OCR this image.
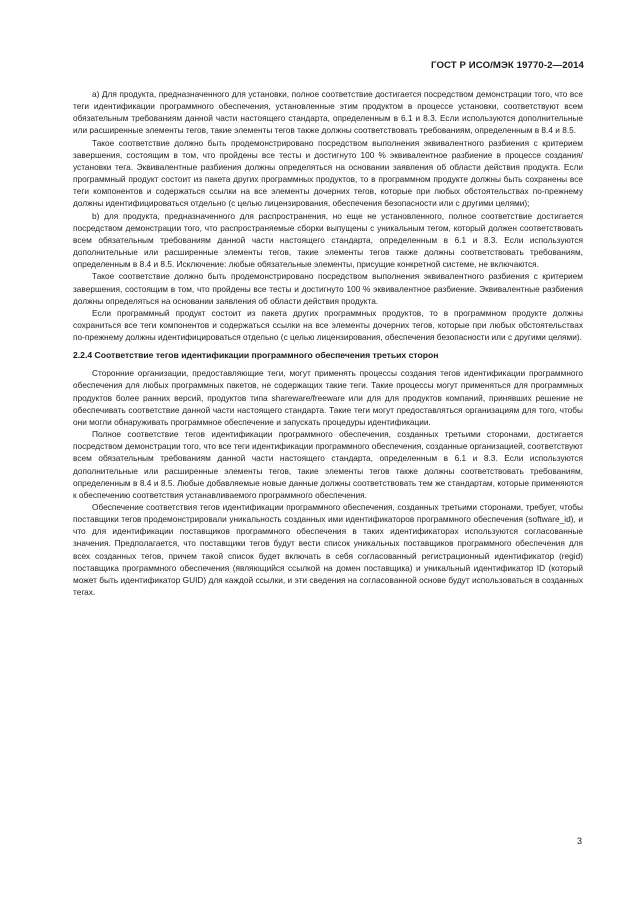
ГОСТ Р ИСО/МЭК 19770-2—2014

а) Для продукта, предназначенного для установки, полное соответствие достигается посредством демонстрации того, что все теги идентификации программного обеспечения, установленные этим продуктом в процессе установки, соответствуют всем обязательным требованиям данной части настоящего стандарта, определенным в 6.1 и 8.3. Если используются дополнительные или расширенные элементы тегов, такие элементы тегов также должны соответствовать требованиям, определенным в 8.4 и 8.5.

Такое соответствие должно быть продемонстрировано посредством выполнения эквивалентного разбиения с критерием завершения, состоящим в том, что пройдены все тесты и достигнуто 100 % эквивалентное разбиение в процессе создания/установки тега. Эквивалентные разбиения должны определяться на основании заявления об области действия продукта. Если программный продукт состоит из пакета других программных продуктов, то в программном продукте должны быть сохранены все теги компонентов и содержаться ссылки на все элементы дочерних тегов, которые при любых обстоятельствах по-прежнему должны идентифицироваться отдельно (с целью лицензирования, обеспечения безопасности или с другими целями);

b) для продукта, предназначенного для распространения, но еще не установленного, полное соответствие достигается посредством демонстрации того, что распространяемые сборки выпущены с уникальным тегом, который должен соответствовать всем обязательным требованиям данной части настоящего стандарта, определенным в 6.1 и 8.3. Если используются дополнительные или расширенные элементы тегов, такие элементы тегов также должны соответствовать требованиям, определенным в 8.4 и 8.5. Исключение: любые обязательные элементы, присущие конкретной системе, не включаются.

Такое соответствие должно быть продемонстрировано посредством выполнения эквивалентного разбиения с критерием завершения, состоящим в том, что пройдены все тесты и достигнуто 100 % эквивалентное разбиение. Эквивалентные разбиения должны определяться на основании заявления об области действия продукта.

Если программный продукт состоит из пакета других программных продуктов, то в программном продукте должны сохраниться все теги компонентов и содержаться ссылки на все элементы дочерних тегов, которые при любых обстоятельствах по-прежнему должны идентифицироваться отдельно (с целью лицензирования, обеспечения безопасности или с другими целями).

2.2.4 Соответствие тегов идентификации программного обеспечения третьих сторон

Сторонние организации, предоставляющие теги, могут применять процессы создания тегов идентификации программного обеспечения для любых программных пакетов, не содержащих такие теги. Такие процессы могут применяться для программных продуктов более ранних версий, продуктов типа shareware/freeware или для для продуктов компаний, принявших решение не обеспечивать соответствие данной части настоящего стандарта. Такие теги могут предоставляться организациям для того, чтобы они могли обнаруживать программное обеспечение и запускать процедуры идентификации.

Полное соответствие тегов идентификации программного обеспечения, созданных третьими сторонами, достигается посредством демонстрации того, что все теги идентификации программного обеспечения, созданные организацией, соответствуют всем обязательным требованиям данной части настоящего стандарта, определенным в 6.1 и 8.3. Если используются дополнительные или расширенные элементы тегов, такие элементы тегов также должны соответствовать требованиям, определенным в 8.4 и 8.5. Любые добавляемые новые данные должны соответствовать тем же стандартам, которые применяются к обеспечению соответствия устанавливаемого программного обеспечения.

Обеспечение соответствия тегов идентификации программного обеспечения, созданных третьими сторонами, требует, чтобы поставщики тегов продемонстрировали уникальность созданных ими идентификаторов программного обеспечения (software_id), и что для идентификации поставщиков программного обеспечения в таких идентификаторах используются согласованные значения. Предполагается, что поставщики тегов будут вести список уникальных поставщиков программного обеспечения для всех созданных тегов, причем такой список будет включать в себя согласованный регистрационный идентификатор (regid) поставщика программного обеспечения (являющийся ссылкой на домен поставщика) и уникальный идентификатор ID (который может быть идентификатор GUID) для каждой ссылки, и эти сведения на согласованной основе будут использоваться в созданных тегах.

3
